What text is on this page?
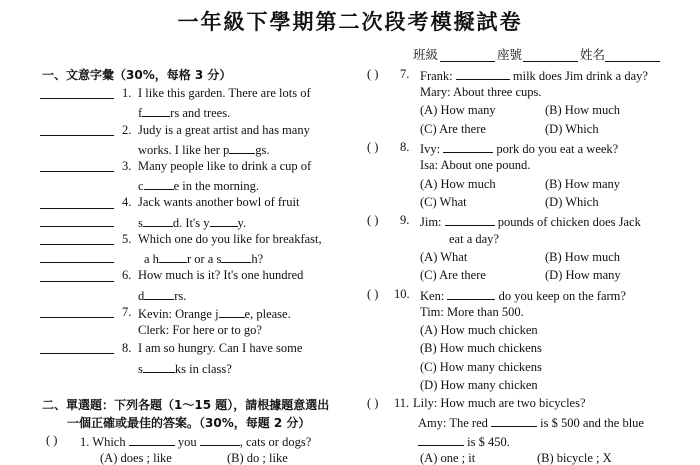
一年級下學期第二次段考模擬試卷
班級	座號	姓名
一、文意字彙（30%，每格 3 分）
1. I like this garden. There are lots of
f rs and trees.
2. Judy is a great artist and has many
works. I like her p gs.
3. Many people like to drink a cup of
c e in the morning.
4. Jack wants another bowl of fruit
s d. It's y y.
5. Which one do you like for breakfast,
a h r or a s h?
6. How much is it? It's one hundred
d rs.
7. Kevin: Orange j e, please.
Clerk: For here or to go?
8. I am so hungry. Can I have some
s	ks in class?
二、單選題：下列各題（1～15 題），請根據題意選出
一個正確或最佳的答案。（30%，每題 2 分）
( ) 1. Which	you	, cats or dogs?
(A) does ; like	(B) do ; like
( ) 7. Frank:	milk does Jim drink a day?
Mary: About three cups.
(A) How many	(B) How much
(C) Are there	(D) Which
( ) 8. Ivy:	pork do you eat a week?
Isa: About one pound.
(A) How much	(B) How many
(C) What	(D) Which
( ) 9. Jim:	pounds of chicken does Jack
eat a day?
(A) What	(B) How much
(C) Are there	(D) How many
( ) 10. Ken:	do you keep on the farm?
Tim: More than 500.
(A) How much chicken
(B) How much chickens
(C) How many chickens
(D) How many chicken
( ) 11. Lily: How much are two bicycles?
Amy: The red	is $ 500 and the blue
is $ 450.
(A) one ; it	(B) bicycle ; X
